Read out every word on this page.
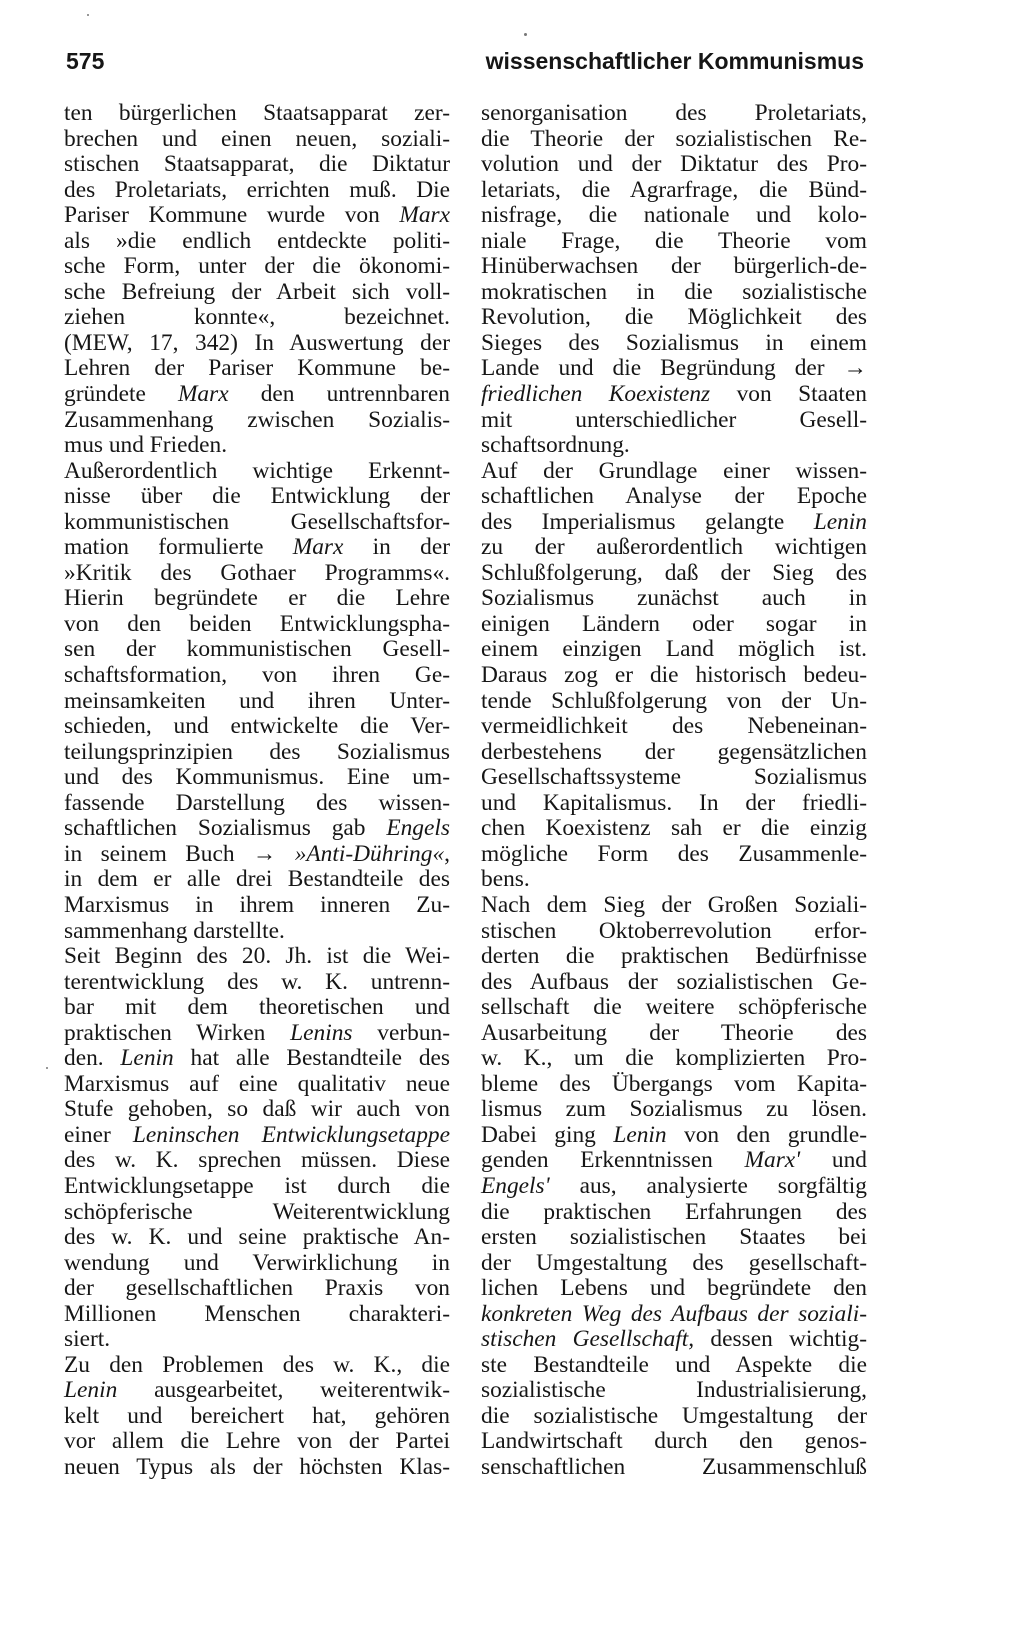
575	wissenschaftlicher Kommunismus
ten bürgerlichen Staatsapparat zer-
brechen und einen neuen, soziali-
stischen Staatsapparat, die Diktatur
des Proletariats, errichten muß. Die
Pariser Kommune wurde von Marx
als »die endlich entdeckte politi-
sche Form, unter der die ökonomi-
sche Befreiung der Arbeit sich voll-
ziehen konnte«, bezeichnet.
(MEW, 17, 342) In Auswertung der
Lehren der Pariser Kommune be-
gründete Marx den untrennbaren
Zusammenhang zwischen Sozialis-
mus und Frieden.
Außerordentlich wichtige Erkennt-
nisse über die Entwicklung der
kommunistischen Gesellschaftsfor-
mation formulierte Marx in der
»Kritik des Gothaer Programms«.
Hierin begründete er die Lehre
von den beiden Entwicklungspha-
sen der kommunistischen Gesell-
schaftsformation, von ihren Ge-
meinsamkeiten und ihren Unter-
schieden, und entwickelte die Ver-
teilungsprinzipien des Sozialismus
und des Kommunismus. Eine um-
fassende Darstellung des wissen-
schaftlichen Sozialismus gab Engels
in seinem Buch → »Anti-Dühring«,
in dem er alle drei Bestandteile des
Marxismus in ihrem inneren Zu-
sammenhang darstellte.
Seit Beginn des 20. Jh. ist die Wei-
terentwicklung des w. K. untrenn-
bar mit dem theoretischen und
praktischen Wirken Lenins verbun-
den. Lenin hat alle Bestandteile des
Marxismus auf eine qualitativ neue
Stufe gehoben, so daß wir auch von
einer Leninschen Entwicklungsetappe
des w. K. sprechen müssen. Diese
Entwicklungsetappe ist durch die
schöpferische Weiterentwicklung
des w. K. und seine praktische An-
wendung und Verwirklichung in
der gesellschaftlichen Praxis von
Millionen Menschen charakteri-
siert.
Zu den Problemen des w. K., die
Lenin ausgearbeitet, weiterentwik-
kelt und bereichert hat, gehören
vor allem die Lehre von der Partei
neuen Typus als der höchsten Klas-
senorganisation des Proletariats,
die Theorie der sozialistischen Re-
volution und der Diktatur des Pro-
letariats, die Agrarfrage, die Bünd-
nisfrage, die nationale und kolo-
niale Frage, die Theorie vom
Hinüberwachsen der bürgerlich-de-
mokratischen in die sozialistische
Revolution, die Möglichkeit des
Sieges des Sozialismus in einem
Lande und die Begründung der →
friedlichen Koexistenz von Staaten
mit unterschiedlicher Gesell-
schaftsordnung.
Auf der Grundlage einer wissen-
schaftlichen Analyse der Epoche
des Imperialismus gelangte Lenin
zu der außerordentlich wichtigen
Schlußfolgerung, daß der Sieg des
Sozialismus zunächst auch in
einigen Ländern oder sogar in
einem einzigen Land möglich ist.
Daraus zog er die historisch bedeu-
tende Schlußfolgerung von der Un-
vermeidlichkeit des Nebeneinan-
derbestehens der gegensätzlichen
Gesellschaftssysteme Sozialismus
und Kapitalismus. In der friedli-
chen Koexistenz sah er die einzig
mögliche Form des Zusammenle-
bens.
Nach dem Sieg der Großen Soziali-
stischen Oktoberrevolution erfor-
derten die praktischen Bedürfnisse
des Aufbaus der sozialistischen Ge-
sellschaft die weitere schöpferische
Ausarbeitung der Theorie des
w. K., um die komplizierten Pro-
bleme des Übergangs vom Kapita-
lismus zum Sozialismus zu lösen.
Dabei ging Lenin von den grundle-
genden Erkenntnissen Marx' und
Engels' aus, analysierte sorgfältig
die praktischen Erfahrungen des
ersten sozialistischen Staates bei
der Umgestaltung des gesellschaft-
lichen Lebens und begründete den
konkreten Weg des Aufbaus der soziali-
stischen Gesellschaft, dessen wichtig-
ste Bestandteile und Aspekte die
sozialistische Industrialisierung,
die sozialistische Umgestaltung der
Landwirtschaft durch den genos-
senschaftlichen Zusammenschluß
